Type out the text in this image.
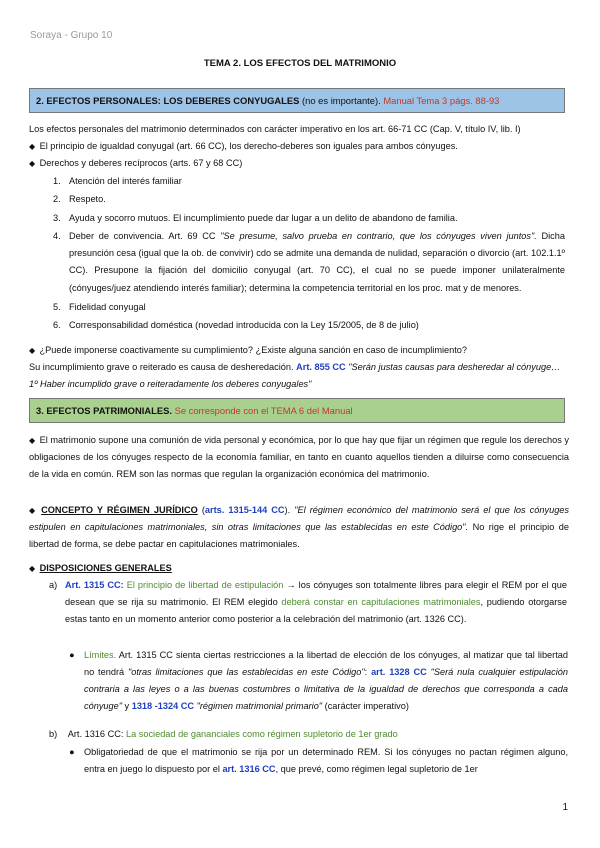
Soraya - Grupo 10
TEMA 2. LOS EFECTOS DEL MATRIMONIO
2. EFECTOS PERSONALES: LOS DEBERES CONYUGALES (no es importante). Manual Tema 3 págs. 88-93

Los efectos personales del matrimonio determinados con carácter imperativo en los art. 66-71 CC (Cap. V, título IV, lib. I)

◆ El principio de igualdad conyugal (art. 66 CC), los derecho-deberes son iguales para ambos cónyuges.

◆ Derechos y deberes recíprocos (arts. 67 y 68 CC)

1. Atención del interés familiar
2. Respeto.
3. Ayuda y socorro mutuos. El incumplimiento puede dar lugar a un delito de abandono de familia.
4. Deber de convivencia. Art. 69 CC "Se presume, salvo prueba en contrario, que los cónyuges viven juntos". Dicha presunción cesa (igual que la ob. de convivir) cdo se admite una demanda de nulidad, separación o divorcio (art. 102.1.1º CC). Presupone la fijación del domicilio conyugal (art. 70 CC), el cual no se puede imponer unilateralmente (cónyuges/juez atendiendo interés familiar); determina la competencia territorial en los proc. mat y de menores.
5. Fidelidad conyugal
6. Corresponsabilidad doméstica (novedad introducida con la Ley 15/2005, de 8 de julio)

◆ ¿Puede imponerse coactivamente su cumplimiento? ¿Existe alguna sanción en caso de incumplimiento?

Su incumplimiento grave o reiterado es causa de desheredación. Art. 855 CC "Serán justas causas para desheredar al cónyuge… 1º Haber incumplido grave o reiteradamente los deberes conyugales"

3. EFECTOS PATRIMONIALES. Se corresponde con el TEMA 6 del Manual
◆ El matrimonio supone una comunión de vida personal y económica, por lo que hay que fijar un régimen que regule los derechos y obligaciones de los cónyuges respecto de la economía familiar, en tanto en cuanto aquellos tienden a diluirse como consecuencia de la vida en común. REM son las normas que regulan la organización económica del matrimonio.
◆ CONCEPTO Y RÉGIMEN JURÍDICO (arts. 1315-144 CC). "El régimen económico del matrimonio será el que los cónyuges estipulen en capitulaciones matrimoniales, sin otras limitaciones que las establecidas en este Código". No rige el principio de libertad de forma, se debe pactar en capitulaciones matrimoniales.
◆ DISPOSICIONES GENERALES
a) Art. 1315 CC: El principio de libertad de estipulación → los cónyuges son totalmente libres para elegir el REM por el que desean que se rija su matrimonio. El REM elegido deberá constar en capitulaciones matrimoniales, pudiendo otorgarse estas tanto en un momento anterior como posterior a la celebración del matrimonio (art. 1326 CC).
● Límites. Art. 1315 CC sienta ciertas restricciones a la libertad de elección de los cónyuges, al matizar que tal libertad no tendrá "otras limitaciones que las establecidas en este Código": art. 1328 CC "Será nula cualquier estipulación contraria a las leyes o a las buenas costumbres o limitativa de la igualdad de derechos que corresponda a cada cónyuge" y 1318 -1324 CC "régimen matrimonial primario" (carácter imperativo)
b) Art. 1316 CC: La sociedad de gananciales como régimen supletorio de 1er grado
● Obligatoriedad de que el matrimonio se rija por un determinado REM. Si los cónyuges no pactan régimen alguno, entra en juego lo dispuesto por el art. 1316 CC, que prevé, como régimen legal supletorio de 1er
1
